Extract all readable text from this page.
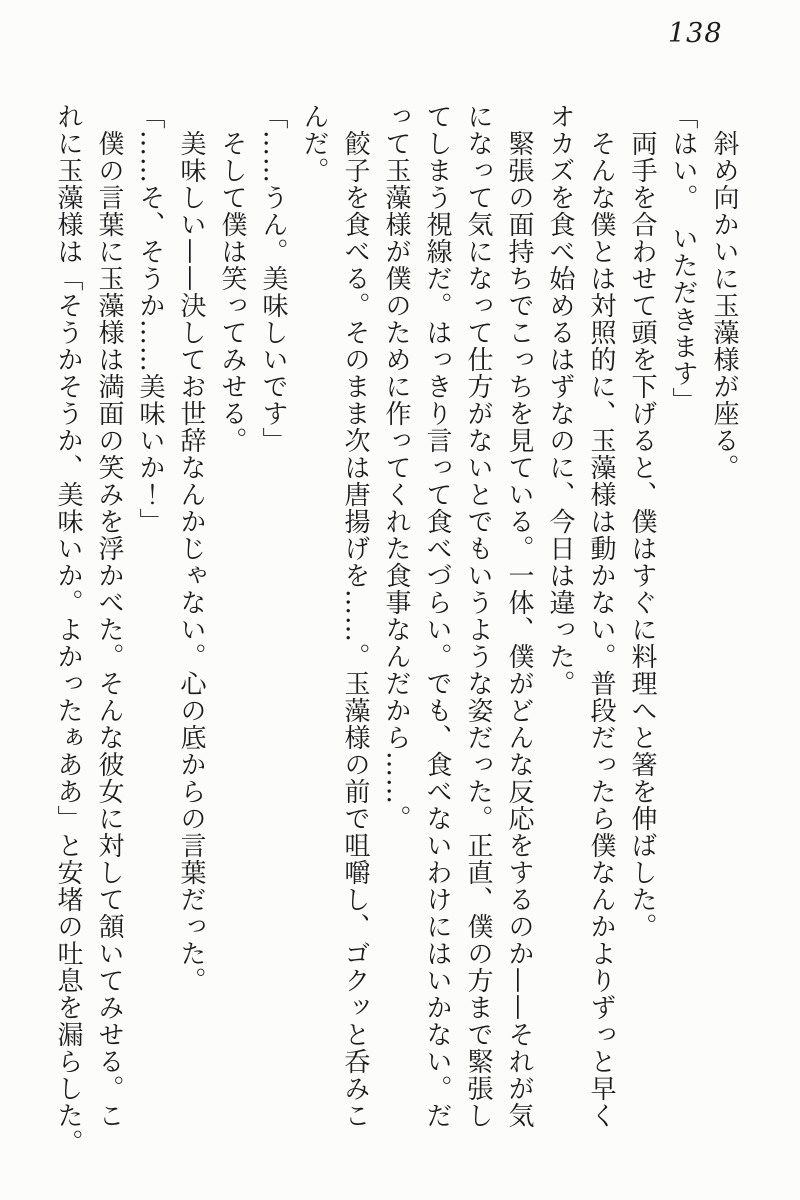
138

　斜め向かいに玉藻様が座る。

「はい。　いただきます」

　両手を合わせて頭を下げると、僕はすぐに料理へと箸を伸ばした。

　そんな僕とは対照的に、玉藻様は動かない。普段だったら僕なんかよりずっと早く

オカズを食べ始めるはずなのに、今日は違った。

　緊張の面持ちでこっちを見ている。一体、僕がどんな反応をするのか——それが気

になって気になって仕方がないとでもいうような姿だった。正直、僕の方まで緊張し

てしまう視線だ。はっきり言って食べづらい。でも、食べないわけにはいかない。だ

って玉藻様が僕のために作ってくれた食事なんだから……。

　餃子を食べる。そのまま次は唐揚げを……。玉藻様の前で咀嚼し、ゴクッと呑みこ

んだ。

「……うん。美味しいです」

　そして僕は笑ってみせる。

　美味しい——決してお世辞なんかじゃない。心の底からの言葉だった。

「……そ、そうか……美味いか！」

　僕の言葉に玉藻様は満面の笑みを浮かべた。そんな彼女に対して頷いてみせる。こ

れに玉藻様は「そうかそうか、美味いか。よかったぁああ」と安堵の吐息を漏らした。
